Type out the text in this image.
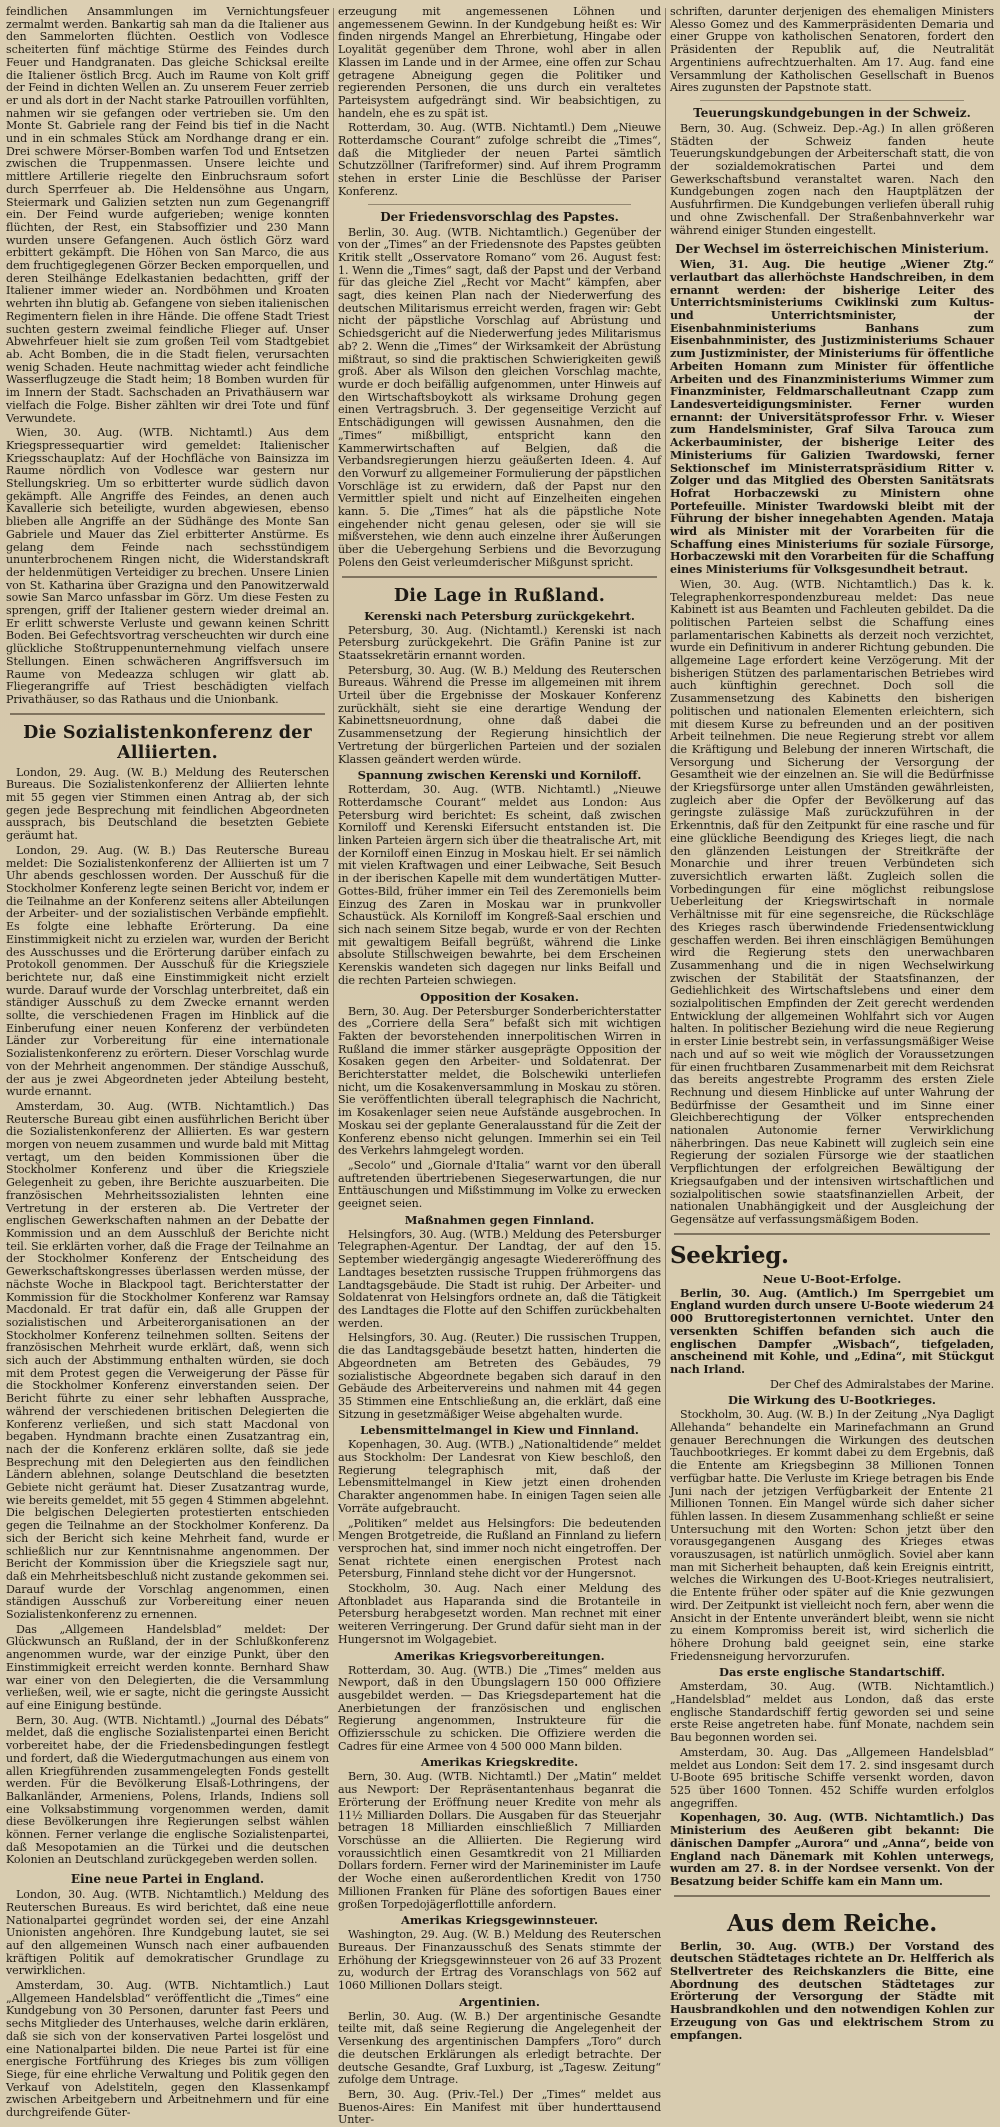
feindlichen Ansammlungen im Vernichtungsfeuer zermalmt werden. Bankartig sah man da die Italiener aus den Sammelorten flüchten. Oestlich von Vodlesce scheiterten fünf mächtige Stürme des Feindes durch Feuer und Handgranaten. Das gleiche Schicksal ereilte die Italiener östlich Brcg. Auch im Raume von Kolt griff der Feind in dichten Wellen an. Zu unserem Feuer zerrieb er und als dort in der Nacht starke Patrouillen vorfühlten, nahmen wir sie gefangen oder vertrieben sie. Um den Monte St. Gabriele rang der Feind bis tief in die Nacht und in ein schmales Stück am Nordhange drang er ein. Drei schwere Mörser-Bomben warfen Tod und Entsetzen zwischen die Truppenmassen. Unsere leichte und mittlere Artillerie riegelte den Einbruchsraum sofort durch Sperrfeuer ab. Die Heldensöhne aus Ungarn, Steiermark und Galizien setzten nun zum Gegenangriff ein. Der Feind wurde aufgerieben; wenige konnten flüchten, der Rest, ein Stabsoffizier und 230 Mann wurden unsere Gefangenen. Auch östlich Görz ward erbittert gekämpft. Die Höhen von San Marco, die aus dem fruchtigeglegenen Görzer Becken emporquellen, und deren Steilhänge Edelkastanien bedachtten, griff der Italiener immer wieder an. Nordböhmen und Kroaten wehrten ihn blutig ab. Gefangene von sieben italienischen Regimentern fielen in ihre Hände. Die offene Stadt Triest suchten gestern zweimal feindliche Flieger auf. Unser Abwehrfeuer hielt sie zum großen Teil vom Stadtgebiet ab. Acht Bomben, die in die Stadt fielen, verursachten wenig Schaden. Heute nachmittag wieder acht feindliche Wasserflugzeuge die Stadt heim; 18 Bomben wurden für im Innern der Stadt. Sachschaden an Privathäusern war vielfach die Folge. Bisher zählten wir drei Tote und fünf Verwundete.

Wien, 30. Aug. (WTB. Nichtamtl.) Aus dem Kriegspressequartier wird gemeldet: Italienischer Kriegsschauplatz: Auf der Hochfläche von Bainsizza im Raume nördlich von Vodlesce war gestern nur Stellungskrieg. Um so erbitterter wurde südlich davon gekämpft. Alle Angriffe des Feindes, an denen auch Kavallerie sich beteiligte, wurden abgewiesen, ebenso blieben alle Angriffe an der Südhänge des Monte San Gabriele und Mauer das Ziel erbitterter Anstürme. Es gelang dem Feinde nach sechsstündigem ununterbrochenem Ringen nicht, die Widerstandskraft der heldenmütigen Verteidiger zu brechen. Unsere Linien von St. Katharina über Grazigna und den Panowitzerwald sowie San Marco unfassbar im Görz. Um diese Festen zu sprengen, griff der Italiener gestern wieder dreimal an. Er erlitt schwerste Verluste und gewann keinen Schritt Boden. Bei Gefechtsvortrag verscheuchten wir durch eine glückliche Stoßtruppenunternehmung vielfach unsere Stellungen. Einen schwächeren Angriffsversuch im Raume von Medeazza schlugen wir glatt ab. Fliegerangriffe auf Triest beschädigten vielfach Privathäuser, so das Rathaus und die Unionbank.

Die Sozialistenkonferenz der Alliierten.

London, 29. Aug. (W. B.) Meldung des Reuterschen Bureaus. Die Sozialistenkonferenz der Alliierten lehnte mit 55 gegen vier Stimmen einen Antrag ab, der sich gegen jede Besprechung mit feindlichen Abgeordneten aussprach, bis Deutschland die besetzten Gebiete geräumt hat.

London, 29. Aug. (W. B.) Das Reutersche Bureau meldet: Die Sozialistenkonferenz der Alliierten ist um 7 Uhr abends geschlossen worden. Der Ausschuß für die Stockholmer Konferenz legte seinen Bericht vor, indem er die Teilnahme an der Konferenz seitens aller Abteilungen der Arbeiter- und der sozialistischen Verbände empfiehlt. Es folgte eine lebhafte Erörterung. Da eine Einstimmigkeit nicht zu erzielen war, wurden der Bericht des Ausschusses und die Erörterung darüber einfach zu Protokoll genommen. Der Ausschuß für die Kriegsziele berichtete nur, daß eine Einstimmigkeit nicht erzielt wurde. Darauf wurde der Vorschlag unterbreitet, daß ein ständiger Ausschuß zu dem Zwecke ernannt werden sollte, die verschiedenen Fragen im Hinblick auf die Einberufung einer neuen Konferenz der verbündeten Länder zur Vorbereitung für eine internationale Sozialistenkonferenz zu erörtern. Dieser Vorschlag wurde von der Mehrheit angenommen. Der ständige Ausschuß, der aus je zwei Abgeordneten jeder Abteilung besteht, wurde ernannt.

Amsterdam, 30. Aug. (WTB. Nichtamtlich.) Das Reutersche Bureau gibt einen ausführlichen Bericht über die Sozialistenkonferenz der Alliierten. Es war gestern morgen von neuem zusammen und wurde bald mit Mittag vertagt, um den beiden Kommissionen über die Stockholmer Konferenz und über die Kriegsziele Gelegenheit zu geben, ihre Berichte auszuarbeiten. Die französischen Mehrheitssozialisten lehnten eine Vertretung in der ersteren ab. Die Vertreter der englischen Gewerkschaften nahmen an der Debatte der Kommission und an dem Ausschluß der Berichte nicht teil. Sie erklärten vorher, daß die Frage der Teilnahme an der Stockholmer Konferenz der Entscheidung des Gewerkschaftskongresses überlassen werden müsse, der nächste Woche in Blackpool tagt. Berichterstatter der Kommission für die Stockholmer Konferenz war Ramsay Macdonald. Er trat dafür ein, daß alle Gruppen der sozialistischen und Arbeiterorganisationen an der Stockholmer Konferenz teilnehmen sollten. Seitens der französischen Mehrheit wurde erklärt, daß, wenn sich sich auch der Abstimmung enthalten würden, sie doch mit dem Protest gegen die Verweigerung der Pässe für die Stockholmer Konferenz einverstanden seien. Der Bericht führte zu einer sehr lebhaften Aussprache, während der verschiedenen britischen Delegierten die Konferenz verließen, und sich statt Macdonal von begaben. Hyndmann brachte einen Zusatzantrag ein, nach der die Konferenz erklären sollte, daß sie jede Besprechung mit den Delegierten aus den feindlichen Ländern ablehnen, solange Deutschland die besetzten Gebiete nicht geräumt hat. Dieser Zusatzantrag wurde, wie bereits gemeldet, mit 55 gegen 4 Stimmen abgelehnt. Die belgischen Delegierten protestierten entschieden gegen die Teilnahme an der Stockholmer Konferenz. Da sich der Bericht sich keine Mehrheit fand, wurde er schließlich nur zur Kenntnisnahme angenommen. Der Bericht der Kommission über die Kriegsziele sagt nur, daß ein Mehrheitsbeschluß nicht zustande gekommen sei. Darauf wurde der Vorschlag angenommen, einen ständigen Ausschuß zur Vorbereitung einer neuen Sozialistenkonferenz zu ernennen.

Das „Allgemeen Handelsblad“ meldet: Der Glückwunsch an Rußland, der in der Schlußkonferenz angenommen wurde, war der einzige Punkt, über den Einstimmigkeit erreicht werden konnte. Bernhard Shaw war einer von den Delegierten, die die Versammlung verließen, weil, wie er sagte, nicht die geringste Aussicht auf eine Einigung bestünde.

Bern, 30. Aug. (WTB. Nichtamtl.) „Journal des Débats“ meldet, daß die englische Sozialistenpartei einen Bericht vorbereitet habe, der die Friedensbedingungen festlegt und fordert, daß die Wiedergutmachungen aus einem von allen Kriegführenden zusammengelegten Fonds gestellt werden. Für die Bevölkerung Elsaß-Lothringens, der Balkanländer, Armeniens, Polens, Irlands, Indiens soll eine Volksabstimmung vorgenommen werden, damit diese Bevölkerungen ihre Regierungen selbst wählen können. Ferner verlange die englische Sozialistenpartei, daß Mesopotamien an die Türkei und die deutschen Kolonien an Deutschland zurückgegeben werden sollen.

Eine neue Partei in England.

London, 30. Aug. (WTB. Nichtamtlich.) Meldung des Reuterschen Bureaus. Es wird berichtet, daß eine neue Nationalpartei gegründet worden sei, der eine Anzahl Unionisten angehören. Ihre Kundgebung lautet, sie sei auf den allgemeinen Wunsch nach einer aufbauenden kräftigen Politik auf demokratischer Grundlage zu verwirklichen.

Amsterdam, 30. Aug. (WTB. Nichtamtlich.) Laut „Allgemeen Handelsblad“ veröffentlicht die „Times“ eine Kundgebung von 30 Personen, darunter fast Peers und sechs Mitglieder des Unterhauses, welche darin erklären, daß sie sich von der konservativen Partei losgelöst und eine Nationalpartei bilden. Die neue Partei ist für eine energische Fortführung des Krieges bis zum völligen Siege, für eine ehrliche Verwaltung und Politik gegen den Verkauf von Adelstiteln, gegen den Klassenkampf zwischen Arbeitgebern und Arbeitnehmern und für eine durchgreifende Güter-

erzeugung mit angemessenen Löhnen und angemessenem Gewinn. In der Kundgebung heißt es: Wir finden nirgends Mangel an Ehrerbietung, Hingabe oder Loyalität gegenüber dem Throne, wohl aber in allen Klassen im Lande und in der Armee, eine offen zur Schau getragene Abneigung gegen die Politiker und regierenden Personen, die uns durch ein veraltetes Parteisystem aufgedrängt sind. Wir beabsichtigen, zu handeln, ehe es zu spät ist.

Rotterdam, 30. Aug. (WTB. Nichtamtl.) Dem „Nieuwe Rotterdamsche Courant“ zufolge schreibt die „Times“, daß die Mitglieder der neuen Partei sämtlich Schutzzöllner (Tarifreformer) sind. Auf ihrem Programm stehen in erster Linie die Beschlüsse der Pariser Konferenz.

Der Friedensvorschlag des Papstes.

Berlin, 30. Aug. (WTB. Nichtamtlich.) Gegenüber der von der „Times“ an der Friedensnote des Papstes geübten Kritik stellt „Osservatore Romano“ vom 26. August fest: 1. Wenn die „Times“ sagt, daß der Papst und der Verband für das gleiche Ziel „Recht vor Macht“ kämpfen, aber sagt, dies keinen Plan nach der Niederwerfung des deutschen Militarismus erreicht werden, fragen wir: Gebt nicht der päpstliche Vorschlag auf Abrüstung und Schiedsgericht auf die Niederwerfung jedes Militarismus ab? 2. Wenn die „Times“ der Wirksamkeit der Abrüstung mißtraut, so sind die praktischen Schwierigkeiten gewiß groß. Aber als Wilson den gleichen Vorschlag machte, wurde er doch beifällig aufgenommen, unter Hinweis auf den Wirtschaftsboykott als wirksame Drohung gegen einen Vertragsbruch. 3. Der gegenseitige Verzicht auf Entschädigungen will gewissen Ausnahmen, den die „Times“ mißbilligt, entspricht kann den Kammerwirtschaften auf Belgien, daß die Verbandsregierungen hierzu geäußerten Ideen. 4. Auf den Vorwurf zu allgemeiner Formulierung der päpstlichen Vorschläge ist zu erwidern, daß der Papst nur den Vermittler spielt und nicht auf Einzelheiten eingehen kann. 5. Die „Times“ hat als die päpstliche Note eingehender nicht genau gelesen, oder sie will sie mißverstehen, wie denn auch einzelne ihrer Äußerungen über die Uebergehung Serbiens und die Bevorzugung Polens den Geist verleumderischer Mißgunst spricht.

Die Lage in Rußland.
Kerenski nach Petersburg zurückgekehrt.

Petersburg, 30. Aug. (Nichtamtl.) Kerenski ist nach Petersburg zurückgekehrt. Die Gräfin Panine ist zur Staatssekretärin ernannt worden.

Petersburg, 30. Aug. (W. B.) Meldung des Reuterschen Bureaus. Während die Presse im allgemeinen mit ihrem Urteil über die Ergebnisse der Moskauer Konferenz zurückhält, sieht sie eine derartige Wendung der Kabinettsneuordnung, ohne daß dabei die Zusammensetzung der Regierung hinsichtlich der Vertretung der bürgerlichen Parteien und der sozialen Klassen geändert werden würde.

Spannung zwischen Kerenski und Korniloff.

Rotterdam, 30. Aug. (WTB. Nichtamtl.) „Nieuwe Rotterdamsche Courant“ meldet aus London: Aus Petersburg wird berichtet: Es scheint, daß zwischen Korniloff und Kerenski Eifersucht entstanden ist. Die linken Parteien ärgern sich über die theatralische Art, mit der Korniloff einen Einzug in Moskau hielt. Er sei nämlich mit vielen Kraftwagen und einer Leibwache, Seit Besuch in der iberischen Kapelle mit dem wundertätigen Mutter-Gottes-Bild, früher immer ein Teil des Zeremoniells beim Einzug des Zaren in Moskau war in prunkvoller Schaustück. Als Korniloff im Kongreß-Saal erschien und sich nach seinem Sitze begab, wurde er von der Rechten mit gewaltigem Beifall begrüßt, während die Linke absolute Stillschweigen bewahrte, bei dem Erscheinen Kerenskis wandeten sich dagegen nur links Beifall und die rechten Parteien schwiegen.

Opposition der Kosaken.

Bern, 30. Aug. Der Petersburger Sonderberichterstatter des „Corriere della Sera“ befaßt sich mit wichtigen Fakten der bevorstehenden innerpolitischen Wirren in Rußland die immer stärker ausgeprägte Opposition der Kosaken gegen den Arbeiter- und Soldatenrat. Der Berichterstatter meldet, die Bolschewiki unterliefen nicht, um die Kosakenversammlung in Moskau zu stören. Sie veröffentlichten überall telegraphisch die Nachricht, im Kosakenlager seien neue Aufstände ausgebrochen. In Moskau sei der geplante Generalausstand für die Zeit der Konferenz ebenso nicht gelungen. Immerhin sei ein Teil des Verkehrs lahmgelegt worden.

„Secolo“ und „Giornale d'Italia“ warnt vor den überall auftretenden übertriebenen Siegeserwartungen, die nur Enttäuschungen und Mißstimmung im Volke zu erwecken geeignet seien.

Maßnahmen gegen Finnland.

Helsingfors, 30. Aug. (WTB.) Meldung des Petersburger Telegraphen-Agentur. Der Landtag, der auf den 15. September wiedergängig angesagte Wiedereröffnung des Landtages besetzten russische Truppen frühmorgens das Landtagsgebäude. Die Stadt ist ruhig. Der Arbeiter- und Soldatenrat von Helsingfors ordnete an, daß die Tätigkeit des Landtages die Flotte auf den Schiffen zurückbehalten werden.

Helsingfors, 30. Aug. (Reuter.) Die russischen Truppen, die das Landtagsgebäude besetzt hatten, hinderten die Abgeordneten am Betreten des Gebäudes, 79 sozialistische Abgeordnete begaben sich darauf in den Gebäude des Arbeitervereins und nahmen mit 44 gegen 35 Stimmen eine Entschließung an, die erklärt, daß eine Sitzung in gesetzmäßiger Weise abgehalten wurde.

Lebensmittelmangel in Kiew und Finnland.

Kopenhagen, 30. Aug. (WTB.) „Nationaltidende“ meldet aus Stockholm: Der Landesrat von Kiew beschloß, den Regierung telegraphisch mit, daß der Lebensmittelmangel in Kiew jetzt einen drohenden Charakter angenommen habe. In einigen Tagen seien alle Vorräte aufgebraucht.

„Politiken“ meldet aus Helsingfors: Die bedeutenden Mengen Brotgetreide, die Rußland an Finnland zu liefern versprochen hat, sind immer noch nicht eingetroffen. Der Senat richtete einen energischen Protest nach Petersburg, Finnland stehe dicht vor der Hungersnot.

Stockholm, 30. Aug. Nach einer Meldung des Aftonbladet aus Haparanda sind die Brotanteile in Petersburg herabgesetzt worden. Man rechnet mit einer weiteren Verringerung. Der Grund dafür sieht man in der Hungersnot im Wolgagebiet.

Amerikas Kriegsvorbereitungen.

Rotterdam, 30. Aug. (WTB.) Die „Times“ melden aus Newport, daß in den Übungslagern 150 000 Offiziere ausgebildet werden. — Das Kriegsdepartement hat die Anerbietungen der französischen und englischen Regierung angenommen, Instrukteure für die Offiziersschule zu schicken. Die Offiziere werden die Cadres für eine Armee von 4 500 000 Mann bilden.

Amerikas Kriegskredite.

Bern, 30. Aug. (WTB. Nichtamtl.) Der „Matin“ meldet aus Newport: Der Repräsentantenhaus beganrat die Erörterung der Eröffnung neuer Kredite von mehr als 11½ Milliarden Dollars. Die Ausgaben für das Steuerjahr betragen 18 Milliarden einschließlich 7 Milliarden Vorschüsse an die Alliierten. Die Regierung wird voraussichtlich einen Gesamtkredit von 21 Milliarden Dollars fordern. Ferner wird der Marineminister im Laufe der Woche einen außerordentlichen Kredit von 1750 Millionen Franken für Pläne des sofortigen Baues einer großen Torpedojägerflottille anfordern.

Amerikas Kriegsgewinnsteuer.

Washington, 29. Aug. (W. B.) Meldung des Reuterschen Bureaus. Der Finanzausschuß des Senats stimmte der Erhöhung der Kriegsgewinnsteuer von 26 auf 33 Prozent zu, wodurch der Ertrag des Voranschlags von 562 auf 1060 Millionen Dollars steigt.

Argentinien.

Berlin, 30. Aug. (W. B.) Der argentinische Gesandte teilte mit, daß seine Regierung die Angelegenheit der Versenkung des argentinischen Dampfers „Toro“ durch die deutschen Erklärungen als erledigt betrachte. Der deutsche Gesandte, Graf Luxburg, ist „Tagesw. Zeitung“ zufolge dem Untrage.

Bern, 30. Aug. (Priv.-Tel.) Der „Times“ meldet aus Buenos-Aires: Ein Manifest mit über hunderttausend Unter-

schriften, darunter derjenigen des ehemaligen Ministers Alesso Gomez und des Kammerpräsidenten Demaria und einer Gruppe von katholischen Senatoren, fordert den Präsidenten der Republik auf, die Neutralität Argentiniens aufrechtzuerhalten. Am 17. Aug. fand eine Versammlung der Katholischen Gesellschaft in Buenos Aires zugunsten der Papstnote statt.

Teuerungskundgebungen in der Schweiz.

Bern, 30. Aug. (Schweiz. Dep.-Ag.) In allen größeren Städten der Schweiz fanden heute Teuerungskundgebungen der Arbeiterschaft statt, die von der sozialdemokratischen Partei und dem Gewerkschaftsbund veranstaltet waren. Nach den Kundgebungen zogen nach den Hauptplätzen der Ausfuhrfirmen. Die Kundgebungen verliefen überall ruhig und ohne Zwischenfall. Der Straßenbahnverkehr war während einiger Stunden eingestellt.

Der Wechsel im österreichischen Ministerium.

Wien, 31. Aug. Die heutige „Wiener Ztg.“ verlautbart das allerhöchste Handschreiben, in dem ernannt werden: der bisherige Leiter des Unterrichtsministeriums Cwiklinski zum Kultus- und Unterrichtsminister, der Eisenbahnministeriums Banhans zum Eisenbahnminister, des Justizministeriums Schauer zum Justizminister, der Ministeriums für öffentliche Arbeiten Homann zum Minister für öffentliche Arbeiten und des Finanzministeriums Wimmer zum Finanzminister, Feldmarschalleutnant Czapp zum Landesverteidigungsminister. Ferner wurden ernannt: der Universitätsprofessor Frhr. v. Wieser zum Handelsminister, Graf Silva Tarouca zum Ackerbauminister, der bisherige Leiter des Ministeriums für Galizien Twardowski, ferner Sektionschef im Ministerratspräsidium Ritter v. Zolger und das Mitglied des Obersten Sanitätsrats Hofrat Horbaczewski zu Ministern ohne Portefeuille. Minister Twardowski bleibt mit der Führung der bisher innegehabten Agenden. Mataja wird als Minister mit der Vorarbeiten für die Schaffung eines Ministeriums für soziale Fürsorge, Horbaczewski mit den Vorarbeiten für die Schaffung eines Ministeriums für Volksgesundheit betraut.

Wien, 30. Aug. (WTB. Nichtamtlich.) Das k. k. Telegraphenkorrespondenzbureau meldet: Das neue Kabinett ist aus Beamten und Fachleuten gebildet. Da die politischen Parteien selbst die Schaffung eines parlamentarischen Kabinetts als derzeit noch verzichtet, wurde ein Definitivum in anderer Richtung gebunden. Die allgemeine Lage erfordert keine Verzögerung. Mit der bisherigen Stützen des parlamentarischen Betriebes wird auch künftighin gerechnet. Doch soll die Zusammensetzung des Kabinetts den bisherigen politischen und nationalen Elementen erleichtern, sich mit diesem Kurse zu befreunden und an der positiven Arbeit teilnehmen. Die neue Regierung strebt vor allem die Kräftigung und Belebung der inneren Wirtschaft, die Versorgung und Sicherung der Versorgung der Gesamtheit wie der einzelnen an. Sie will die Bedürfnisse der Kriegsfürsorge unter allen Umständen gewährleisten, zugleich aber die Opfer der Bevölkerung auf das geringste zulässige Maß zurückzuführen in der Erkenntnis, daß für den Zeitpunkt für eine rasche und für eine glückliche Beendigung des Krieges liegt, die nach den glänzenden Leistungen der Streitkräfte der Monarchie und ihrer treuen Verbündeten sich zuversichtlich erwarten läßt. Zugleich sollen die Vorbedingungen für eine möglichst reibungslose Ueberleitung der Kriegswirtschaft in normale Verhältnisse mit für eine segensreiche, die Rückschläge des Krieges rasch überwindende Friedensentwicklung geschaffen werden. Bei ihren einschlägigen Bemühungen wird die Regierung stets den unerwachbaren Zusammenhang und die in nigen Wechselwirkung zwischen der Stabilität der Staatsfinanzen, der Gediehlichkeit des Wirtschaftslebens und einer dem sozialpolitischen Empfinden der Zeit gerecht werdenden Entwicklung der allgemeinen Wohlfahrt sich vor Augen halten. In politischer Beziehung wird die neue Regierung in erster Linie bestrebt sein, in verfassungsmäßiger Weise nach und auf so weit wie möglich der Voraussetzungen für einen fruchtbaren Zusammenarbeit mit dem Reichsrat das bereits angestrebte Programm des ersten Ziele Rechnung und diesem Hinblicke auf unter Wahrung der Bedürfnisse der Gesamtheit und im Sinne einer Gleichberechtigung der Völker entsprechenden nationalen Autonomie ferner Verwirklichung näherbringen. Das neue Kabinett will zugleich sein eine Regierung der sozialen Fürsorge wie der staatlichen Verpflichtungen der erfolgreichen Bewältigung der Kriegsaufgaben und der intensiven wirtschaftlichen und sozialpolitischen sowie staatsfinanziellen Arbeit, der nationalen Unabhängigkeit und der Ausgleichung der Gegensätze auf verfassungsmäßigem Boden.

Seekrieg.
Neue U-Boot-Erfolge.

Berlin, 30. Aug. (Amtlich.) Im Sperrgebiet um England wurden durch unsere U-Boote wiederum 24 000 Bruttoregistertonnen vernichtet. Unter den versenkten Schiffen befanden sich auch die englischen Dampfer „Wisbach“, tiefgeladen, anscheinend mit Kohle, und „Edina“, mit Stückgut nach Irland.

Der Chef des Admiralstabes der Marine.

Die Wirkung des U-Bootkrieges.

Stockholm, 30. Aug. (W. B.) In der Zeitung „Nya Dagligt Allehanda“ behandelte ein Marinefachmann an Grund genauer Berechnungen die Wirkungen des deutschen Tauchbootkrieges. Er kommt dabei zu dem Ergebnis, daß die Entente am Kriegsbeginn 38 Millionen Tonnen verfügbar hatte. Die Verluste im Kriege betragen bis Ende Juni nach der jetzigen Verfügbarkeit der Entente 21 Millionen Tonnen. Ein Mangel würde sich daher sicher fühlen lassen. In diesem Zusammenhang schließt er seine Untersuchung mit den Worten: Schon jetzt über den vorausgegangenen Ausgang des Krieges etwas vorauszusagen, ist natürlich unmöglich. Soviel aber kann man mit Sicherheit behaupten, daß kein Ereignis eintritt, welches die Wirkungen des U-Boot-Krieges neutralisiert, die Entente früher oder später auf die Knie gezwungen wird. Der Zeitpunkt ist vielleicht noch fern, aber wenn die Ansicht in der Entente unverändert bleibt, wenn sie nicht zu einem Kompromiss bereit ist, wird sicherlich die höhere Drohung bald geeignet sein, eine starke Friedensneigung hervorzurufen.

Das erste englische Standartschiff.

Amsterdam, 30. Aug. (WTB. Nichtamtlich.) „Handelsblad“ meldet aus London, daß das erste englische Standardschiff fertig geworden sei und seine erste Reise angetreten habe. fünf Monate, nachdem sein Bau begonnen worden sei.

Amsterdam, 30. Aug. Das „Allgemeen Handelsblad“ meldet aus London: Seit dem 17. 2. sind insgesamt durch U-Boote 695 britische Schiffe versenkt worden, davon 525 über 1600 Tonnen. 452 Schiffe wurden erfolglos angegriffen.

Kopenhagen, 30. Aug. (WTB. Nichtamtlich.) Das Ministerium des Aeußeren gibt bekannt: Die dänischen Dampfer „Aurora“ und „Anna“, beide von England nach Dänemark mit Kohlen unterwegs, wurden am 27. 8. in der Nordsee versenkt. Von der Besatzung beider Schiffe kam ein Mann um.

Aus dem Reiche.

Berlin, 30. Aug. (WTB.) Der Vorstand des deutschen Städtetages richtete an Dr. Helfferich als Stellvertreter des Reichskanzlers die Bitte, eine Abordnung des deutschen Städtetages zur Erörterung der Versorgung der Städte mit Hausbrandkohlen und den notwendigen Kohlen zur Erzeugung von Gas und elektrischem Strom zu empfangen.
